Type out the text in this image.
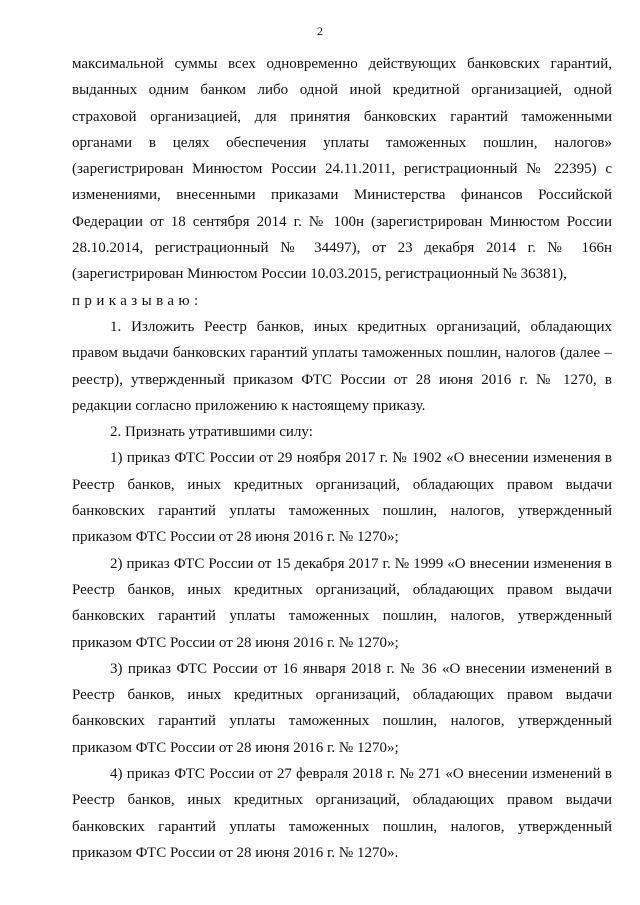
2

максимальной суммы всех одновременно действующих банковских гарантий, выданных одним банком либо одной иной кредитной организацией, одной страховой организацией, для принятия банковских гарантий таможенными органами в целях обеспечения уплаты таможенных пошлин, налогов» (зарегистрирован Минюстом России 24.11.2011, регистрационный № 22395) с изменениями, внесенными приказами Министерства финансов Российской Федерации от 18 сентября 2014 г. № 100н (зарегистрирован Минюстом России 28.10.2014, регистрационный № 34497), от 23 декабря 2014 г. № 166н (зарегистрирован Минюстом России 10.03.2015, регистрационный № 36381),

приказываю:

1. Изложить Реестр банков, иных кредитных организаций, обладающих правом выдачи банковских гарантий уплаты таможенных пошлин, налогов (далее – реестр), утвержденный приказом ФТС России от 28 июня 2016 г. № 1270, в редакции согласно приложению к настоящему приказу.

2. Признать утратившими силу:

1) приказ ФТС России от 29 ноября 2017 г. № 1902 «О внесении изменения в Реестр банков, иных кредитных организаций, обладающих правом выдачи банковских гарантий уплаты таможенных пошлин, налогов, утвержденный приказом ФТС России от 28 июня 2016 г. № 1270»;

2) приказ ФТС России от 15 декабря 2017 г. № 1999 «О внесении изменения в Реестр банков, иных кредитных организаций, обладающих правом выдачи банковских гарантий уплаты таможенных пошлин, налогов, утвержденный приказом ФТС России от 28 июня 2016 г. № 1270»;

3) приказ ФТС России от 16 января 2018 г. № 36 «О внесении изменений в Реестр банков, иных кредитных организаций, обладающих правом выдачи банковских гарантий уплаты таможенных пошлин, налогов, утвержденный приказом ФТС России от 28 июня 2016 г. № 1270»;

4) приказ ФТС России от 27 февраля 2018 г. № 271 «О внесении изменений в Реестр банков, иных кредитных организаций, обладающих правом выдачи банковских гарантий уплаты таможенных пошлин, налогов, утвержденный приказом ФТС России от 28 июня 2016 г. № 1270».
